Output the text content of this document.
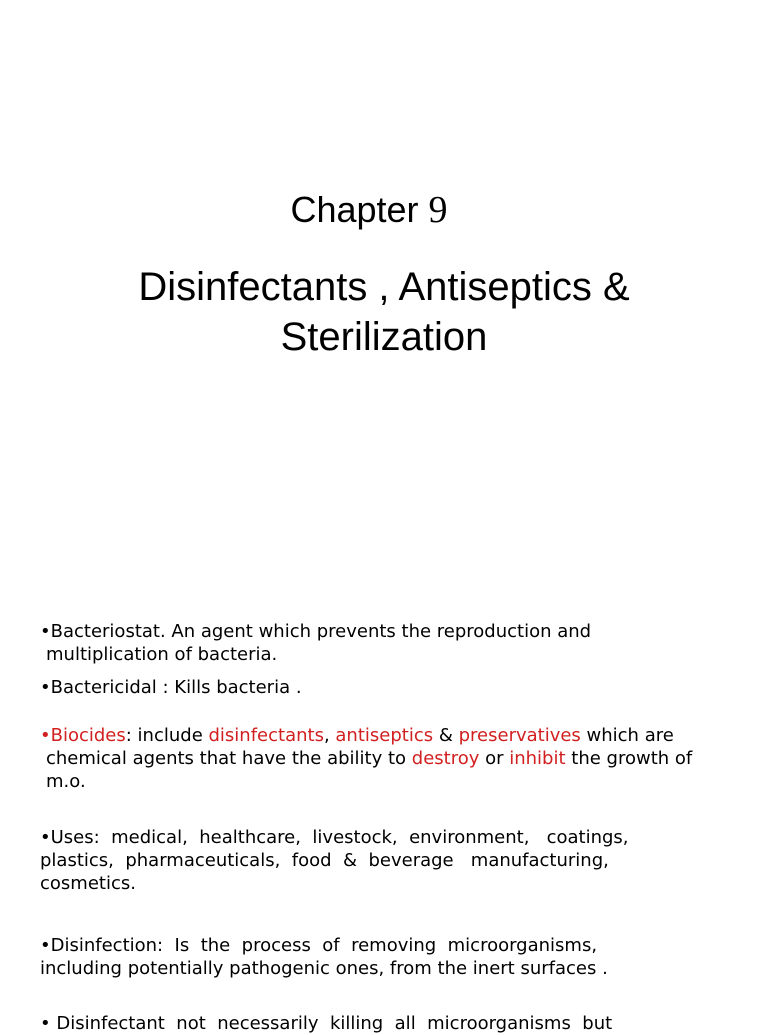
Chapter 9
Disinfectants , Antiseptics &
Sterilization
•Bacteriostat. An agent which prevents the reproduction and
multiplication of bacteria.
•Bactericidal : Kills bacteria .
•Biocides: include disinfectants, antiseptics & preservatives which are
chemical agents that have the ability to destroy or inhibit the growth of
m.o.
•Uses:  medical,  healthcare,  livestock,  environment,   coatings,
plastics,  pharmaceuticals,  food  &  beverage   manufacturing,
cosmetics.
•Disinfection:  Is  the  process  of  removing  microorganisms,
including potentially pathogenic ones, from the inert surfaces .
• Disinfectant  not  necessarily  killing  all  microorganisms  but
